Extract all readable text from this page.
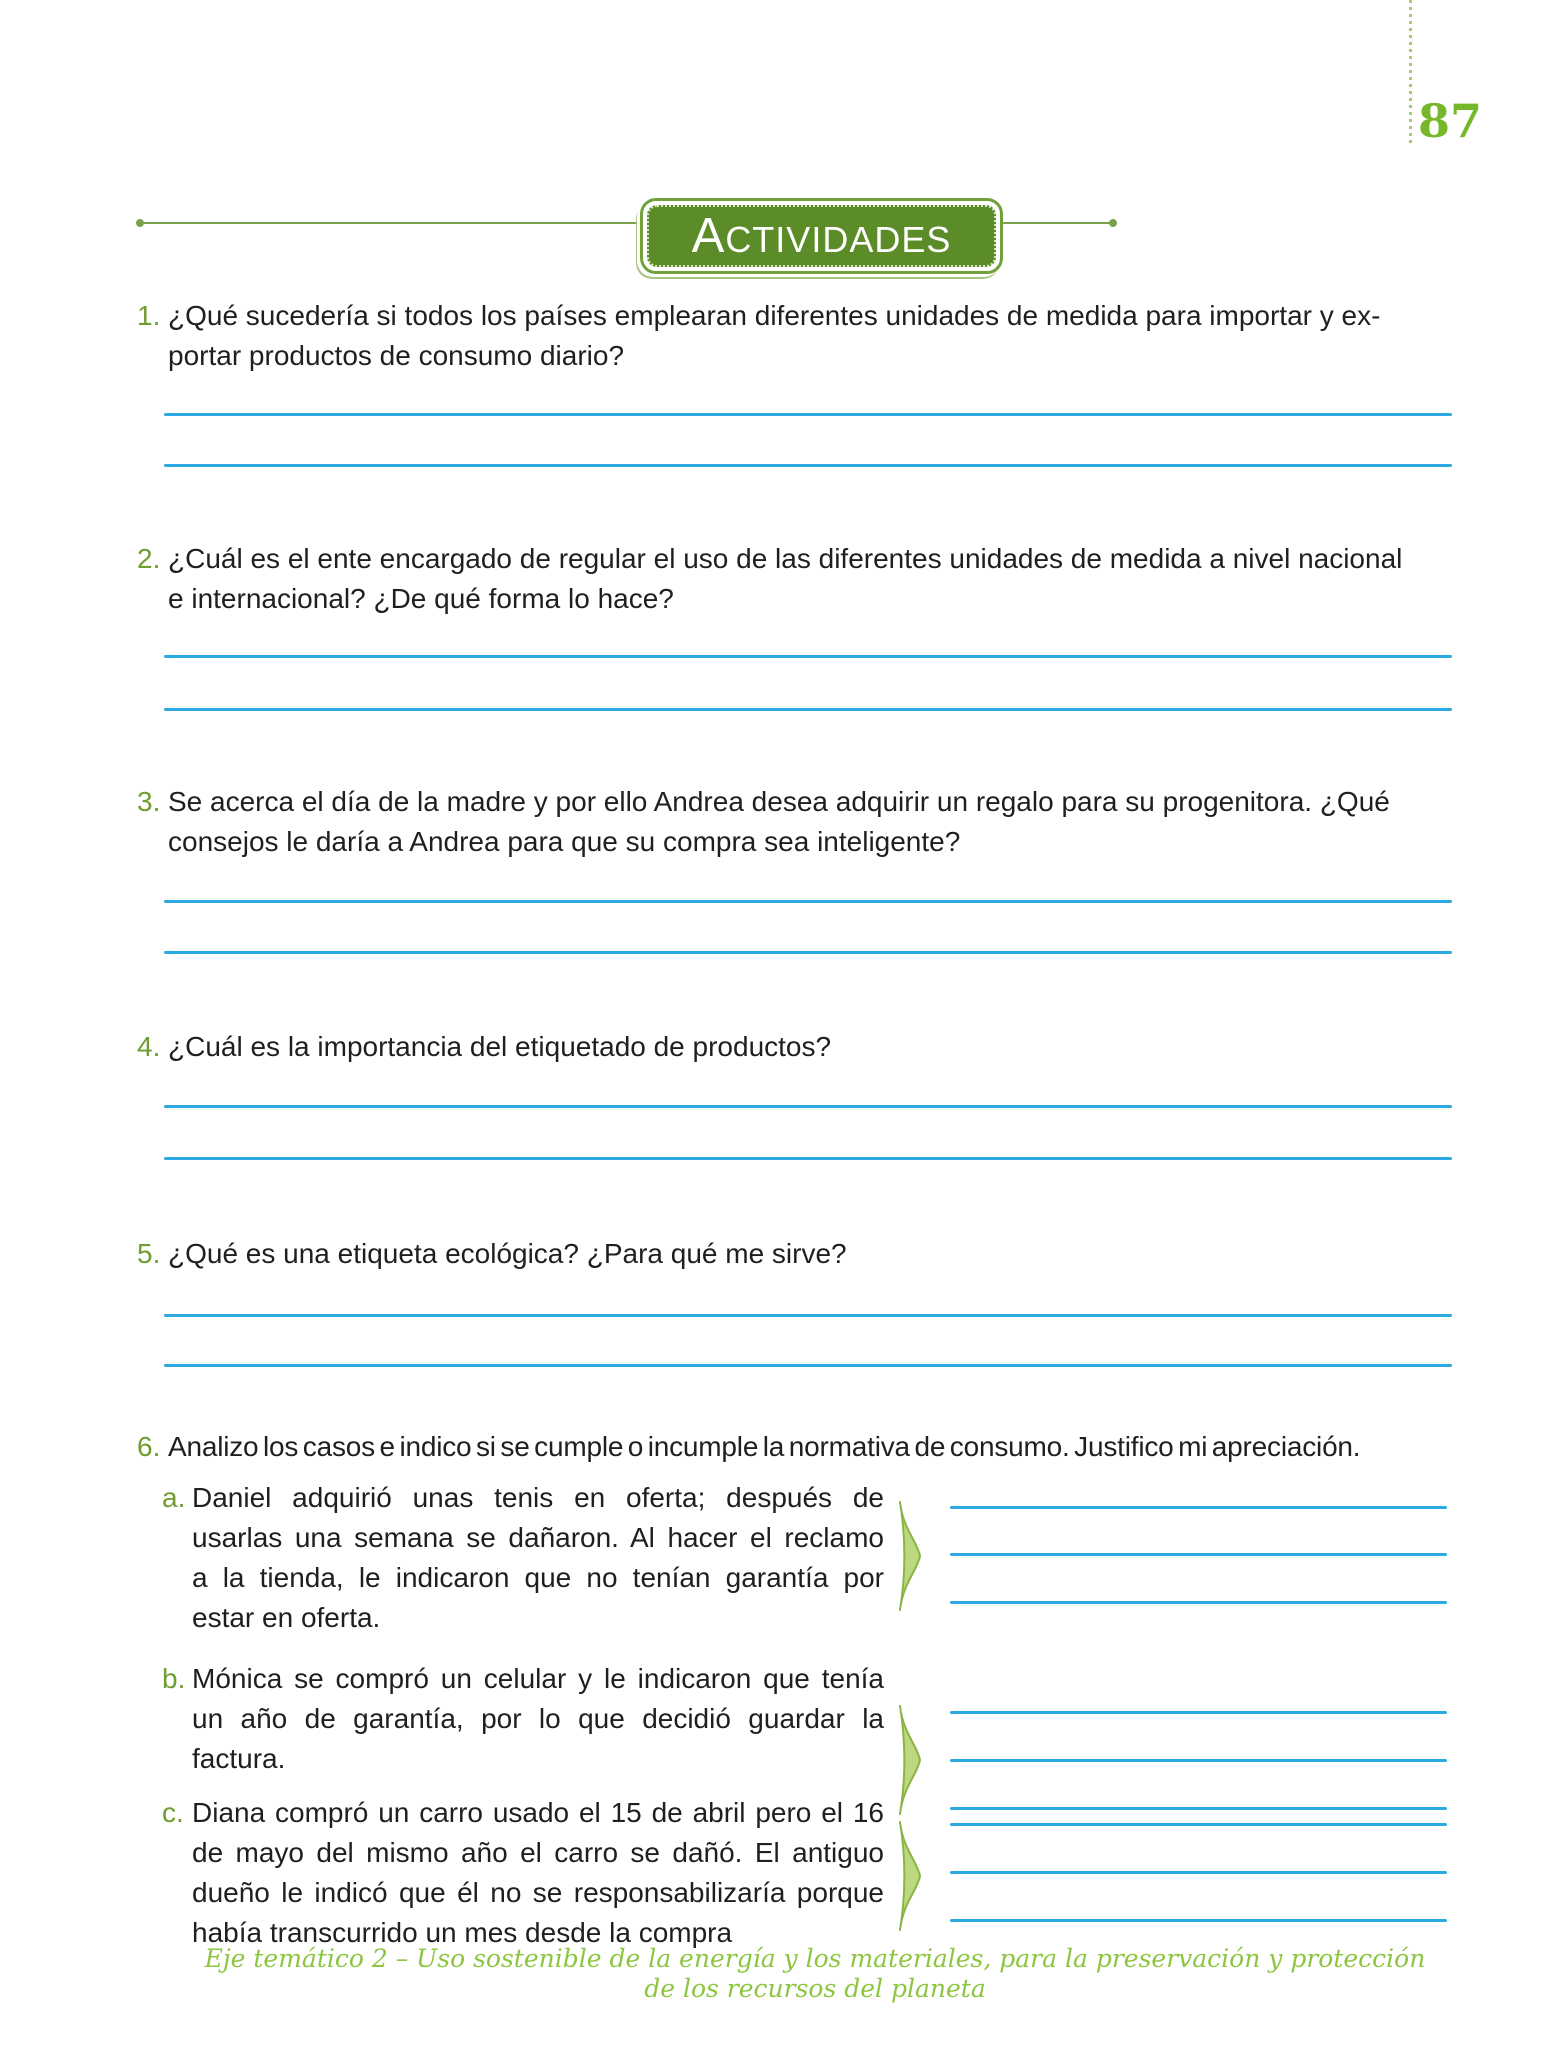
87
ACTIVIDADES
1. ¿Qué sucedería si todos los países emplearan diferentes unidades de medida para importar y ex-
portar productos de consumo diario?
2. ¿Cuál es el ente encargado de regular el uso de las diferentes unidades de medida a nivel nacional
e internacional? ¿De qué forma lo hace?
3. Se acerca el día de la madre y por ello Andrea desea adquirir un regalo para su progenitora. ¿Qué
consejos le daría a Andrea para que su compra sea inteligente?
4. ¿Cuál es la importancia del etiquetado de productos?
5. ¿Qué es una etiqueta ecológica? ¿Para qué me sirve?
6. Analizo los casos e indico si se cumple o incumple la normativa de consumo. Justifico mi apreciación.
a. Daniel adquirió unas tenis en oferta; después de
usarlas una semana se dañaron. Al hacer el reclamo
a la tienda, le indicaron que no tenían garantía por
estar en oferta.
b. Mónica se compró un celular y le indicaron que tenía
un año de garantía, por lo que decidió guardar la
factura.
c. Diana compró un carro usado el 15 de abril pero el 16
de mayo del mismo año el carro se dañó. El antiguo
dueño le indicó que él no se responsabilizaría porque
había transcurrido un mes desde la compra
Eje temático 2 – Uso sostenible de la energía y los materiales, para la preservación y protección de los recursos del planeta
